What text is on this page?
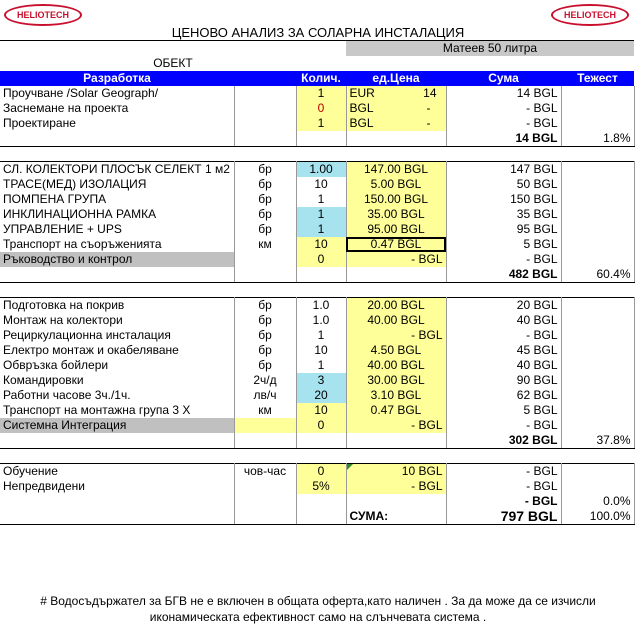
HELIOTECH	HELIOTECH
ЦЕНОВО АНАЛИЗ ЗА СОЛАРНА ИНСТАЛАЦИЯ
			Матеев 50 литра		
ОБЕКТ					
Разработка		Колич.	ед.Цена	Сума	Тежест
Проучване /Solar Geograph/		1	EUR 14	14 BGL	
Заснемане на проекта		0	BGL -	- BGL	
Проектиране		1	BGL -	- BGL	
				14 BGL	1.8%

СЛ. КОЛЕКТОРИ ПЛОСЪК СЕЛЕКТ 1 м2	бр	1.00	147.00 BGL	147 BGL	
ТРАСЕ(МЕД) ИЗОЛАЦИЯ	бр	10	5.00 BGL	50 BGL	
ПОМПЕНА ГРУПА	бр	1	150.00 BGL	150 BGL	
ИНКЛИНАЦИОННА РАМКА	бр	1	35.00 BGL	35 BGL	
УПРАВЛЕНИЕ + UPS	бр	1	95.00 BGL	95 BGL	
Транспорт на съоръженията	км	10	0.47 BGL	5 BGL	
Ръководство и контрол		0	- BGL	- BGL	
				482 BGL	60.4%

Подготовка на покрив	бр	1.0	20.00 BGL	20 BGL	
Монтаж на колектори	бр	1.0	40.00 BGL	40 BGL	
Рециркулационна инсталация	бр	1	- BGL	- BGL	
Електро монтаж и окабеляване	бр	10	4.50 BGL	45 BGL	
Обвръзка бойлери	бр	1	40.00 BGL	40 BGL	
Командировки	2ч/д	3	30.00 BGL	90 BGL	
Работни часове 3ч./1ч.	лв/ч	20	3.10 BGL	62 BGL	
Транспорт на монтажна група 3 X	км	10	0.47 BGL	5 BGL	
Системна Интеграция		0	- BGL	- BGL	
				302 BGL	37.8%

Обучение	чов-час	0	10 BGL	- BGL	
Непредвидени		5%	- BGL	- BGL	
				- BGL	0.0%
			СУМА:	797 BGL	100.0%
# Водосъдържател за БГВ не е включен в общата оферта,като наличен . За да може да се изчисли иконамическата ефективност само на слънчевата система .
